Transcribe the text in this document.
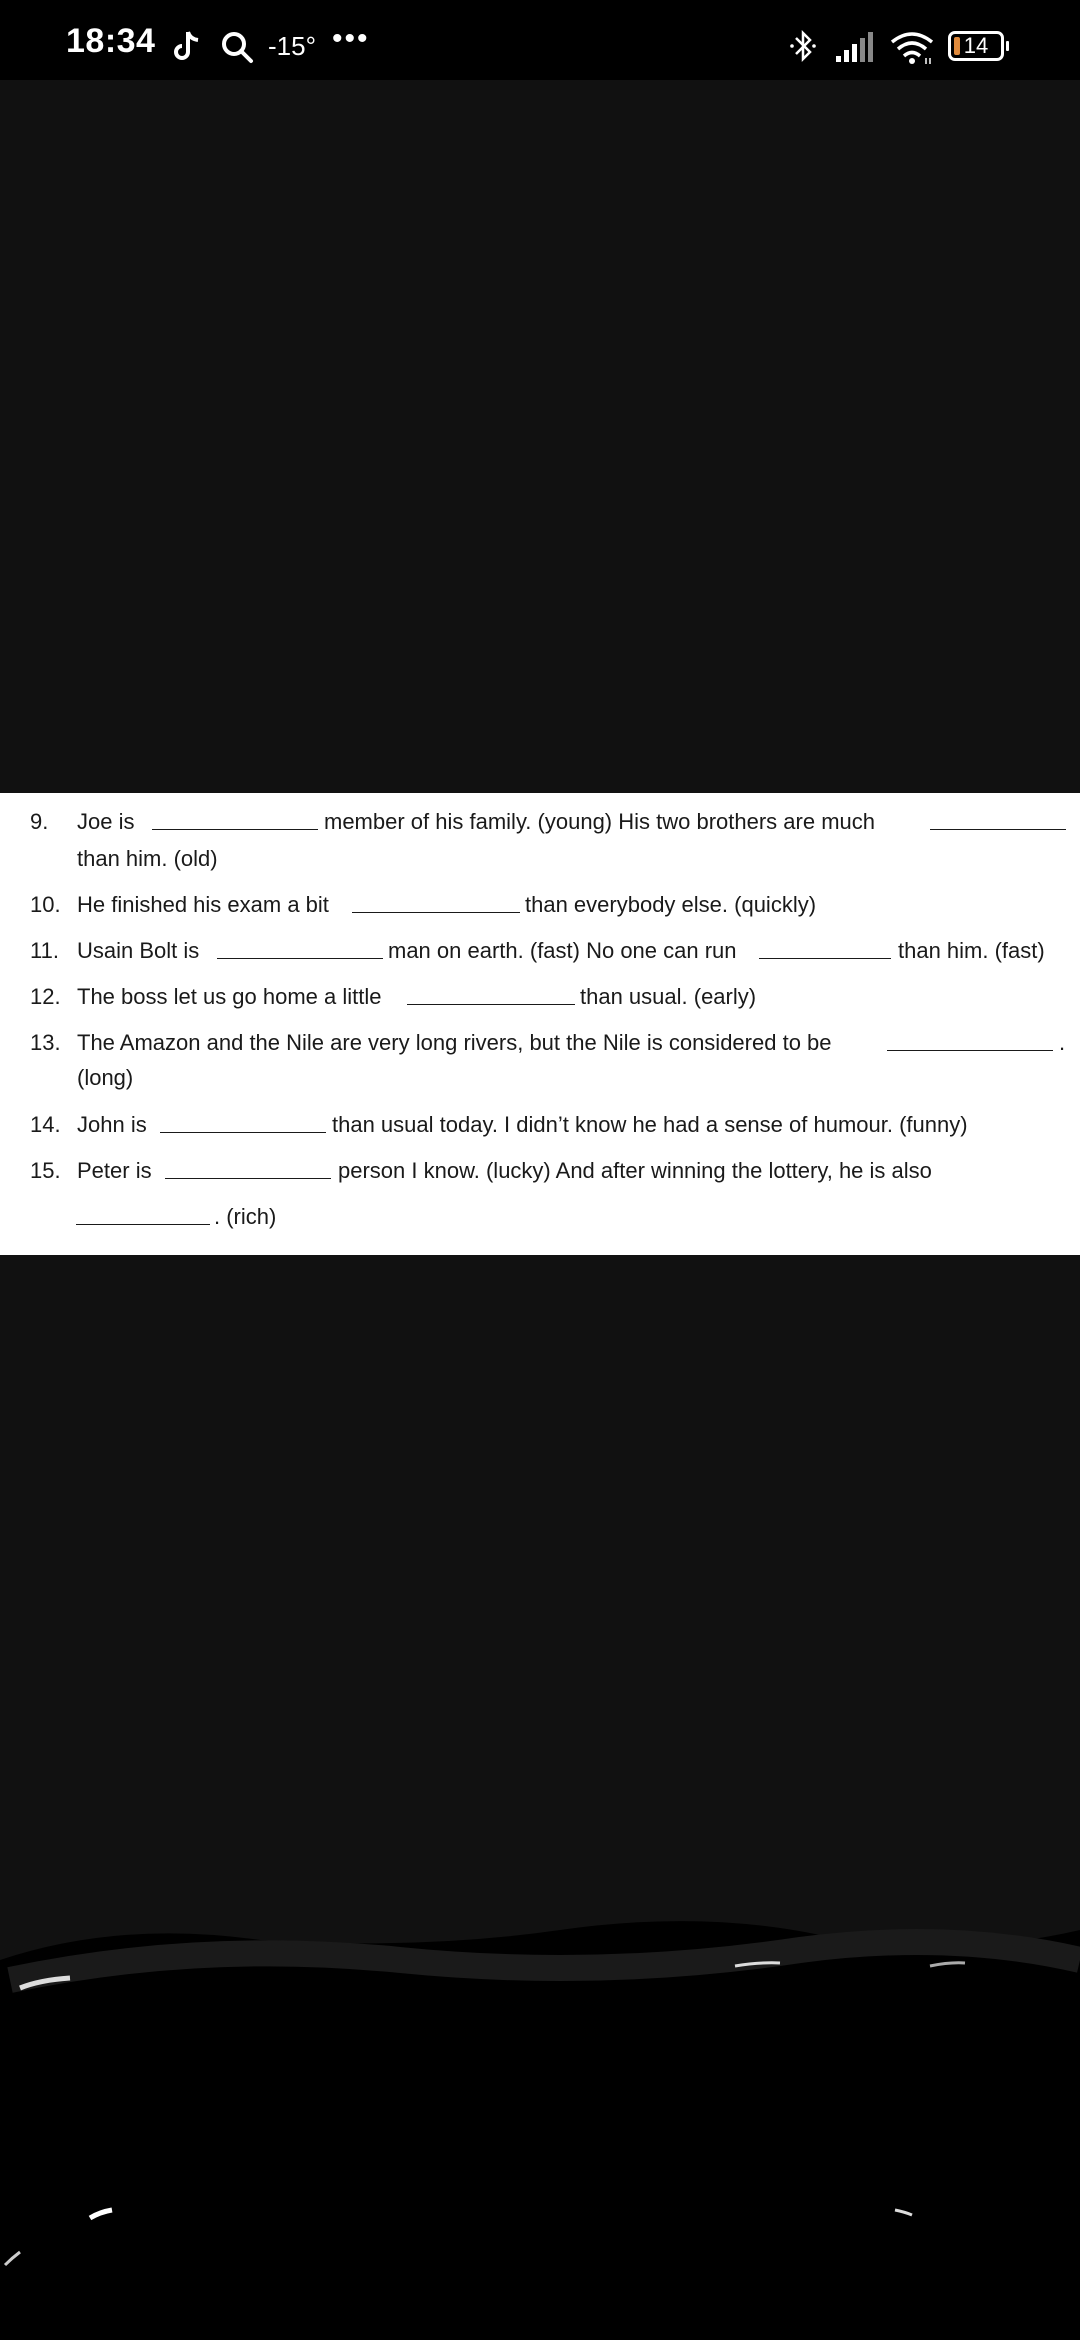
18:34	-15° •••	14
9. Joe is	member of his family. (young) His two brothers are much
than him. (old)
10. He finished his exam a bit	than everybody else. (quickly)
11. Usain Bolt is	man on earth. (fast) No one can run	than him. (fast)
12. The boss let us go home a little	than usual. (early)
13. The Amazon and the Nile are very long rivers, but the Nile is considered to be	.
(long)
14. John is	than usual today. I didn’t know he had a sense of humour. (funny)
15. Peter is	person I know. (lucky) And after winning the lottery, he is also
. (rich)
